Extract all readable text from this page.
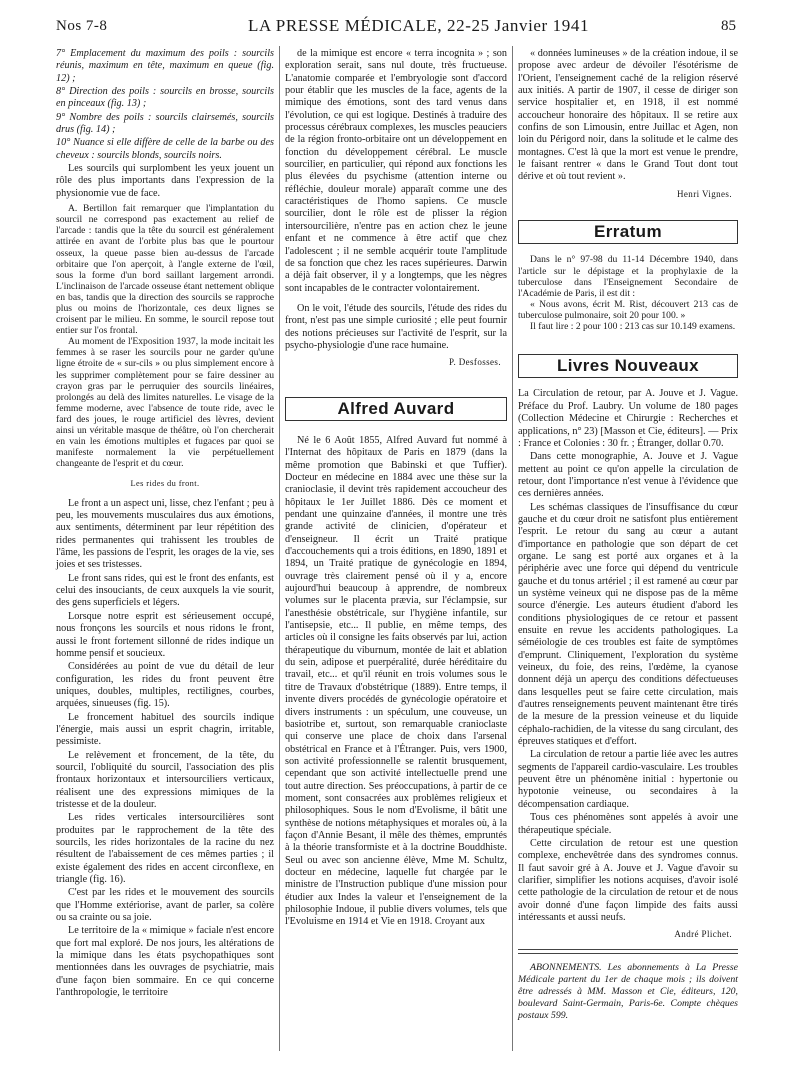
Nos 7-8	LA PRESSE MÉDICALE, 22-25 Janvier 1941	85

7° Emplacement du maximum des poils : sourcils réunis, maximum en tête, maximum en queue (fig. 12) ;

8° Direction des poils : sourcils en brosse, sourcils en pinceaux (fig. 13) ;

9° Nombre des poils : sourcils clairsemés, sourcils drus (fig. 14) ;

10° Nuance si elle diffère de celle de la barbe ou des cheveux : sourcils blonds, sourcils noirs.

Les sourcils qui surplombent les yeux jouent un rôle des plus importants dans l'expression de la physionomie vue de face.

A. Bertillon fait remarquer que l'implantation du sourcil ne correspond pas exactement au relief de l'arcade : tandis que la tête du sourcil est généralement attirée en avant de l'orbite plus bas que le pourtour osseux, la queue passe bien au-dessus de l'arcade orbitaire que l'on aperçoit, à l'angle externe de l'œil, sous la forme d'un bord saillant largement arrondi. L'inclinaison de l'arcade osseuse étant nettement oblique en bas, tandis que la direction des sourcils se rapproche plus ou moins de l'horizontale, ces deux lignes se croisent par le milieu. En somme, le sourcil repose tout entier sur l'os frontal.

Au moment de l'Exposition 1937, la mode incitait les femmes à se raser les sourcils pour ne garder qu'une ligne étroite de « sur-cils » ou plus simplement encore à les supprimer complètement pour se faire dessiner au crayon gras par le perruquier des sourcils linéaires, prolongés au delà des limites naturelles. Le visage de la femme moderne, avec l'absence de toute ride, avec le fard des joues, le rouge artificiel des lèvres, devient ainsi un véritable masque de théâtre, où l'on chercherait en vain les émotions multiples et fugaces par quoi se manifeste normalement la vie perpétuellement changeante de l'esprit et du cœur.

Les rides du front.

Le front a un aspect uni, lisse, chez l'enfant ; peu à peu, les mouvements musculaires dus aux émotions, aux sentiments, déterminent par leur répétition des rides permanentes qui trahissent les troubles de l'âme, les passions de l'esprit, les orages de la vie, ses joies et ses tristesses.

Le front sans rides, qui est le front des enfants, est celui des insouciants, de ceux auxquels la vie sourit, des gens superficiels et légers.

Lorsque notre esprit est sérieusement occupé, nous fronçons les sourcils et nous ridons le front, aussi le front fortement sillonné de rides indique un homme pensif et soucieux.

Considérées au point de vue du détail de leur configuration, les rides du front peuvent être uniques, doubles, multiples, rectilignes, courbes, arquées, sinueuses (fig. 15).

Le froncement habituel des sourcils indique l'énergie, mais aussi un esprit chagrin, irritable, pessimiste.

Le relèvement et froncement, de la tête, du sourcil, l'obliquité du sourcil, l'association des plis frontaux horizontaux et intersourciliers verticaux, réalisent une des expressions mimiques de la tristesse et de la douleur.

Les rides verticales intersourcilières sont produites par le rapprochement de la tête des sourcils, les rides horizontales de la racine du nez résultent de l'abaissement de ces mêmes parties ; il existe également des rides en accent circonflexe, en triangle (fig. 16).

C'est par les rides et le mouvement des sourcils que l'Homme extériorise, avant de parler, sa colère ou sa crainte ou sa joie.

Le territoire de la « mimique » faciale n'est encore que fort mal exploré. De nos jours, les altérations de la mimique dans les états psychopathiques sont mentionnées dans les ouvrages de psychiatrie, mais d'une façon bien sommaire. En ce qui concerne l'anthropologie, le territoire

de la mimique est encore « terra incognita » ; son exploration serait, sans nul doute, très fructueuse. L'anatomie comparée et l'embryologie sont d'accord pour établir que les muscles de la face, agents de la mimique des émotions, sont des tard venus dans l'évolution, ce qui est logique. Destinés à traduire des processus cérébraux complexes, les muscles peauciers de la région fronto-orbitaire ont un développement en fonction du développement cérébral. Le muscle sourcilier, en particulier, qui répond aux fonctions les plus élevées du psychisme (attention interne ou réfléchie, douleur morale) apparaît comme une des caractéristiques de l'homo sapiens. Ce muscle sourcilier, dont le rôle est de plisser la région intersourcilière, n'entre pas en action chez le jeune enfant et ne commence à être actif que chez l'adolescent ; il ne semble acquérir toute l'amplitude de sa fonction que chez les races supérieures. Darwin a déjà fait observer, il y a longtemps, que les nègres sont incapables de le contracter volontairement.

On le voit, l'étude des sourcils, l'étude des rides du front, n'est pas une simple curiosité ; elle peut fournir des notions précieuses sur l'activité de l'esprit, sur la psycho-physiologie d'une race humaine.

P. Desfosses.

Alfred Auvard

Né le 6 Août 1855, Alfred Auvard fut nommé à l'Internat des hôpitaux de Paris en 1879 (dans la même promotion que Babinski et que Tuffier). Docteur en médecine en 1884 avec une thèse sur la cranioclasie, il devint très rapidement accoucheur des hôpitaux le 1er Juillet 1886. Dès ce moment et pendant une quinzaine d'années, il montre une très grande activité de clinicien, d'opérateur et d'enseigneur. Il écrit un Traité pratique d'accouchements qui a trois éditions, en 1890, 1891 et 1894, un Traité pratique de gynécologie en 1894, ouvrage très clairement pensé où il y a, encore aujourd'hui beaucoup à apprendre, de nombreux volumes sur le placenta prævia, sur l'éclampsie, sur l'anesthésie obstétricale, sur l'hygiène infantile, sur l'antisepsie, etc... Il publie, en même temps, des articles où il consigne les faits observés par lui, action thérapeutique du viburnum, montée de lait et ablation du sein, adipose et puerpéralité, durée héréditaire du travail, etc... et qu'il réunit en trois volumes sous le titre de Travaux d'obstétrique (1889). Entre temps, il invente divers procédés de gynécologie opératoire et divers instruments : un spéculum, une couveuse, un basiotribe et, surtout, son remarquable cranioclaste qui conserve une place de choix dans l'arsenal obstétrical en France et à l'Étranger. Puis, vers 1900, son activité professionnelle se ralentit brusquement, cependant que son activité intellectuelle prend une tout autre direction. Ses préoccupations, à partir de ce moment, sont consacrées aux problèmes religieux et philosophiques. Sous le nom d'Evolisme, il bâtit une synthèse de notions métaphysiques et morales où, à la façon d'Annie Besant, il mêle des thèmes, empruntés à la théorie transformiste et à la doctrine Bouddhiste. Seul ou avec son ancienne élève, Mme M. Schultz, docteur en médecine, laquelle fut chargée par le ministre de l'Instruction publique d'une mission pour étudier aux Indes la valeur et l'enseignement de la philosophie Indoue, il publie divers volumes, tels que l'Evoluisme en 1914 et Vie en 1918. Croyant aux

« données lumineuses » de la création indoue, il se propose avec ardeur de dévoiler l'ésotérisme de l'Orient, l'enseignement caché de la religion réservé aux initiés. A partir de 1907, il cesse de diriger son service hospitalier et, en 1918, il est nommé accoucheur honoraire des hôpitaux. Il se retire aux confins de son Limousin, entre Juillac et Agen, non loin du Périgord noir, dans la solitude et le calme des montagnes. C'est là que la mort est venue le prendre, le faisant rentrer « dans le Grand Tout dont tout dérive et où tout revient ».

Henri Vignes.

Erratum

Dans le n° 97-98 du 11-14 Décembre 1940, dans l'article sur le dépistage et la prophylaxie de la tuberculose dans l'Enseignement Secondaire de l'Académie de Paris, il est dit :

« Nous avons, écrit M. Rist, découvert 213 cas de tuberculose pulmonaire, soit 20 pour 100. »

Il faut lire : 2 pour 100 : 213 cas sur 10.149 examens.

Livres Nouveaux

La Circulation de retour, par A. Jouve et J. Vague. Préface du Prof. Laubry. Un volume de 180 pages (Collection Médecine et Chirurgie : Recherches et applications, n° 23) [Masson et Cie, éditeurs]. — Prix : France et Colonies : 30 fr. ; Étranger, dollar 0.70.

Dans cette monographie, A. Jouve et J. Vague mettent au point ce qu'on appelle la circulation de retour, dont l'importance n'est venue à l'évidence que ces dernières années.

Les schémas classiques de l'insuffisance du cœur gauche et du cœur droit ne satisfont plus entièrement l'esprit. Le retour du sang au cœur a autant d'importance en pathologie que son départ de cet organe. Le sang est porté aux organes et à la périphérie avec une force qui dépend du ventricule gauche et du tonus artériel ; il est ramené au cœur par un système veineux qui ne dispose pas de la même source d'énergie. Les auteurs étudient d'abord les conditions physiologiques de ce retour et passent ensuite en revue les accidents pathologiques. La séméiologie de ces troubles est faite de symptômes d'emprunt. Cliniquement, l'exploration du système veineux, du foie, des reins, l'œdème, la cyanose donnent déjà un aperçu des conditions défectueuses dans lesquelles peut se faire cette circulation, mais d'autres renseignements peuvent maintenant être tirés de la mesure de la pression veineuse et du liquide céphalo-rachidien, de la vitesse du sang circulant, des épreuves statiques et d'effort.

La circulation de retour a partie liée avec les autres segments de l'appareil cardio-vasculaire. Les troubles peuvent être un phénomène initial : hypertonie ou hypotonie veineuse, ou secondaires à la décompensation cardiaque.

Tous ces phénomènes sont appelés à avoir une thérapeutique spéciale.

Cette circulation de retour est une question complexe, enchevêtrée dans des syndromes connus. Il faut savoir gré à A. Jouve et J. Vague d'avoir su clarifier, simplifier les notions acquises, d'avoir isolé cette pathologie de la circulation de retour et de nous avoir donné d'une façon limpide des faits aussi intéressants et aussi neufs.

André Plichet.

ABONNEMENTS. Les abonnements à La Presse Médicale partent du 1er de chaque mois ; ils doivent être adressés à MM. Masson et Cie, éditeurs, 120, boulevard Saint-Germain, Paris-6e. Compte chèques postaux 599.
